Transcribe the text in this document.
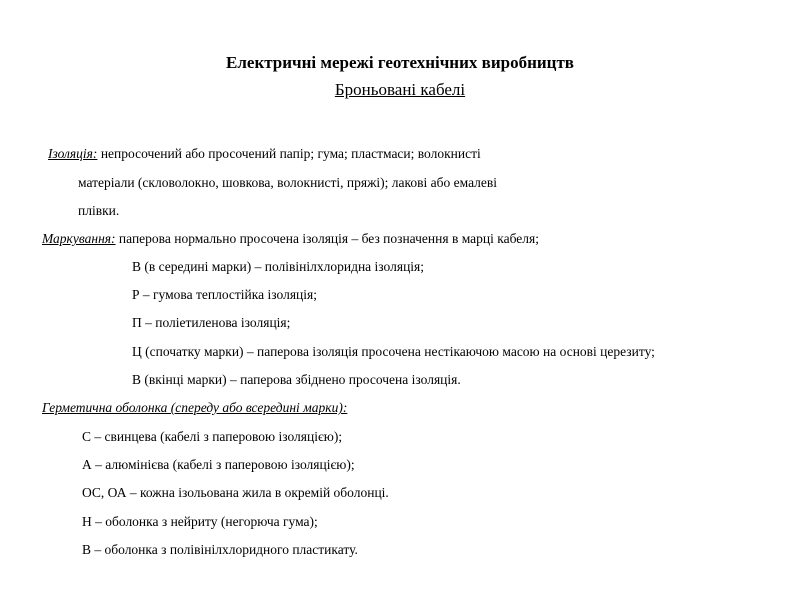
Електричні мережі геотехнічних виробництв
Броньовані кабелі
Ізоляція: непросочений або просочений папір; гума; пластмаси; волокнисті
матеріали (скловолокно, шовкова, волокнисті, пряжі); лакові або емалеві
плівки.
Маркування: паперова нормально просочена ізоляція – без позначення в марці кабеля;
В (в середині марки) – полівінілхлоридна ізоляція;
Р – гумова теплостійка ізоляція;
П – поліетиленова ізоляція;
Ц (спочатку марки) – паперова ізоляція просочена нестікаючою масою на основі церезиту;
В (вкінці марки) – паперова збіднено просочена ізоляція.
Герметична оболонка (спереду або всередині марки):
С – свинцева (кабелі з паперовою ізоляцією);
А – алюмінієва (кабелі з паперовою ізоляцією);
ОС, ОА – кожна ізольована жила в окремій оболонці.
Н – оболонка з нейриту (негорюча гума);
В – оболонка з полівінілхлоридного пластикату.
